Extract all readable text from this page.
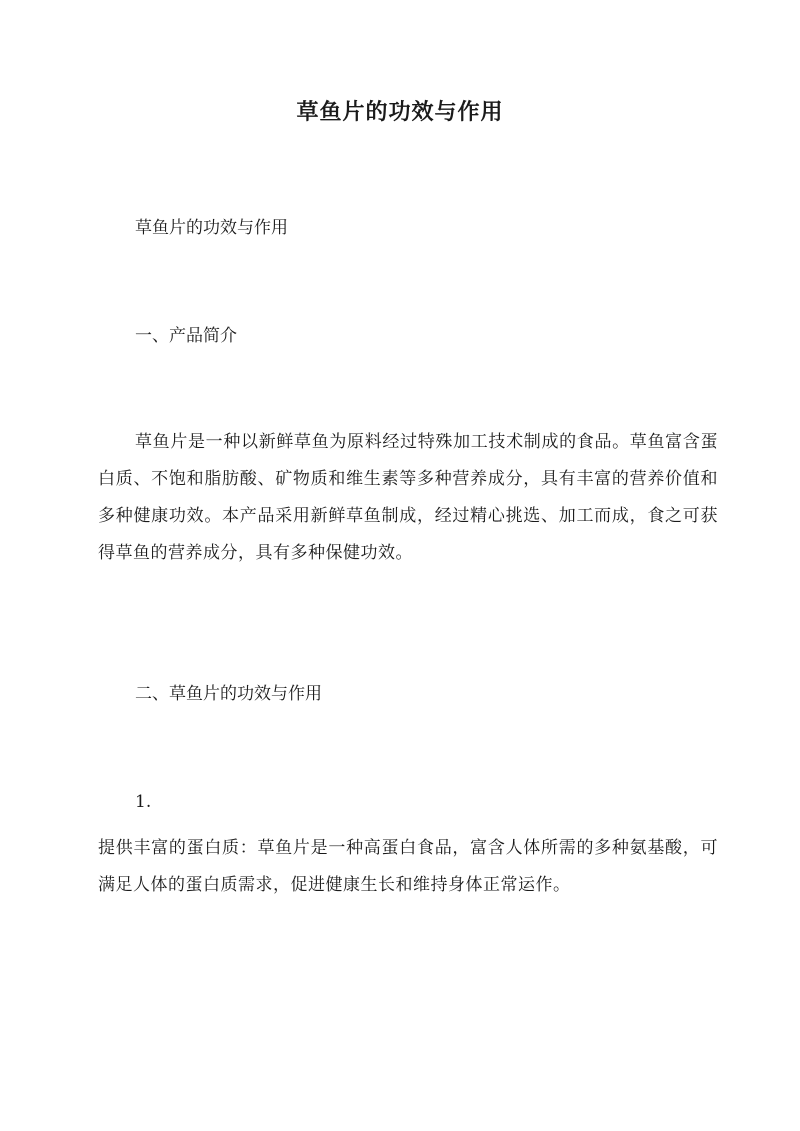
草鱼片的功效与作用
草鱼片的功效与作用
一、产品简介
草鱼片是一种以新鲜草鱼为原料经过特殊加工技术制成的食品。草鱼富含蛋白质、不饱和脂肪酸、矿物质和维生素等多种营养成分，具有丰富的营养价值和多种健康功效。本产品采用新鲜草鱼制成，经过精心挑选、加工而成，食之可获得草鱼的营养成分，具有多种保健功效。
二、草鱼片的功效与作用
1.
提供丰富的蛋白质：草鱼片是一种高蛋白食品，富含人体所需的多种氨基酸，可满足人体的蛋白质需求，促进健康生长和维持身体正常运作。
